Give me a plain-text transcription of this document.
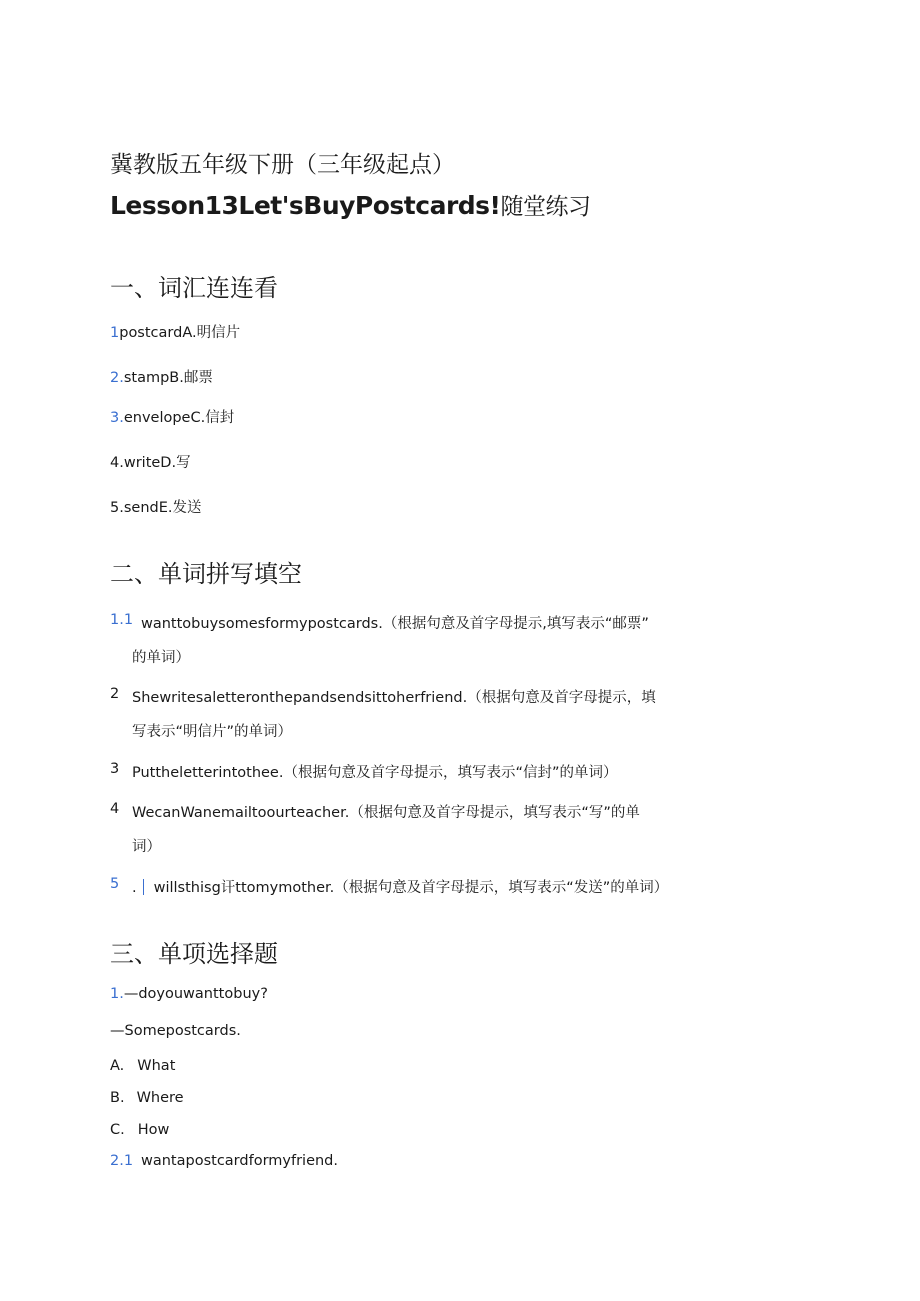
冀教版五年级下册（三年级起点）
Lesson13Let'sBuyPostcards!随堂练习
一、词汇连连看
1postcardA.明信片
2.stampB.邮票
3.envelopeC.信封
4.writeD.写
5.sendE.发送
二、单词拼写填空
1.1 wanttobuysomesformypostcards.（根据句意及首字母提示,填写表示“邮票”
的单词）
2 Shewritesaletteronthepandsendsittoherfriend.（根据句意及首字母提示，填
写表示“明信片”的单词）
3 Puttheletterintothee.（根据句意及首字母提示，填写表示“信封”的单词）
4 WecanWanemailtoourteacher.（根据句意及首字母提示，填写表示“写”的单
词）
5 . willsthisg讦ttomymother.（根据句意及首字母提示，填写表示“发送”的单词）
三、单项选择题
1.—doyouwanttobuy?
—Somepostcards.
A. What
B. Where
C. How
2.1 wantapostcardformyfriend.
